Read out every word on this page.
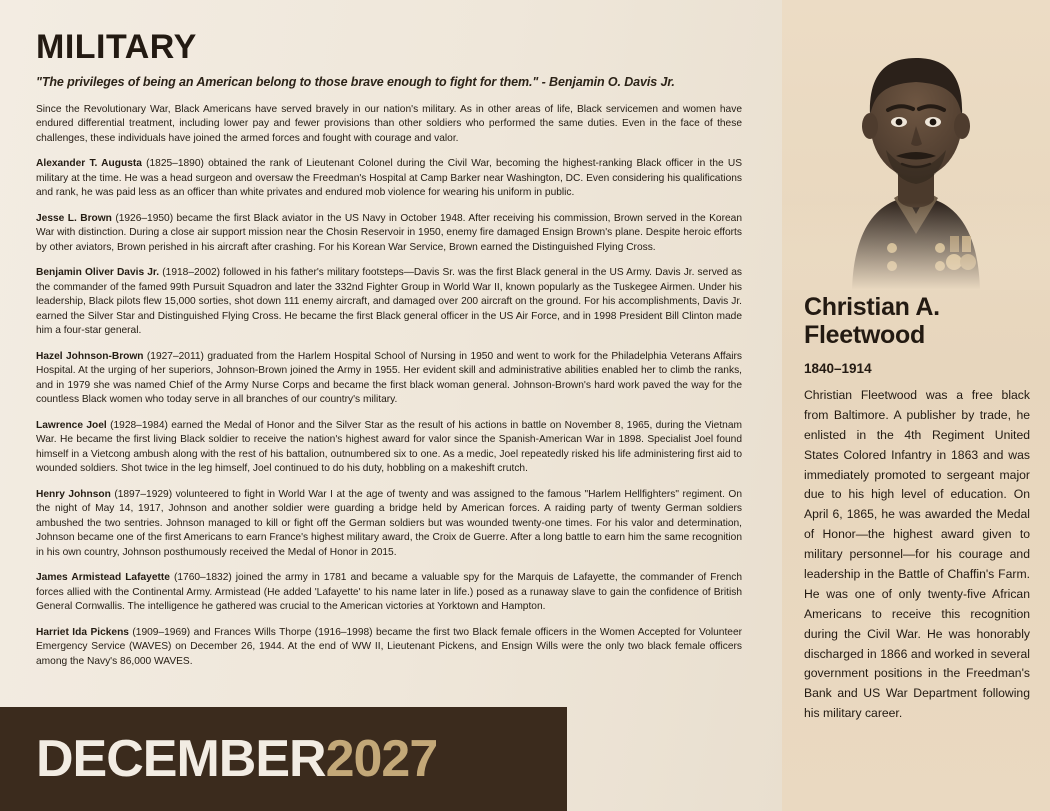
MILITARY
"The privileges of being an American belong to those brave enough to fight for them." - Benjamin O. Davis Jr.

Since the Revolutionary War, Black Americans have served bravely in our nation's military. As in other areas of life, Black servicemen and women have endured differential treatment, including lower pay and fewer provisions than other soldiers who performed the same duties. Even in the face of these challenges, these individuals have joined the armed forces and fought with courage and valor.

Alexander T. Augusta (1825–1890) obtained the rank of Lieutenant Colonel during the Civil War, becoming the highest-ranking Black officer in the US military at the time. He was a head surgeon and oversaw the Freedman's Hospital at Camp Barker near Washington, DC. Even considering his qualifications and rank, he was paid less as an officer than white privates and endured mob violence for wearing his uniform in public.

Jesse L. Brown (1926–1950) became the first Black aviator in the US Navy in October 1948. After receiving his commission, Brown served in the Korean War with distinction. During a close air support mission near the Chosin Reservoir in 1950, enemy fire damaged Ensign Brown's plane. Despite heroic efforts by other aviators, Brown perished in his aircraft after crashing. For his Korean War Service, Brown earned the Distinguished Flying Cross.

Benjamin Oliver Davis Jr. (1918–2002) followed in his father's military footsteps—Davis Sr. was the first Black general in the US Army. Davis Jr. served as the commander of the famed 99th Pursuit Squadron and later the 332nd Fighter Group in World War II, known popularly as the Tuskegee Airmen. Under his leadership, Black pilots flew 15,000 sorties, shot down 111 enemy aircraft, and damaged over 200 aircraft on the ground. For his accomplishments, Davis Jr. earned the Silver Star and Distinguished Flying Cross. He became the first Black general officer in the US Air Force, and in 1998 President Bill Clinton made him a four-star general.

Hazel Johnson-Brown (1927–2011) graduated from the Harlem Hospital School of Nursing in 1950 and went to work for the Philadelphia Veterans Affairs Hospital. At the urging of her superiors, Johnson-Brown joined the Army in 1955. Her evident skill and administrative abilities enabled her to climb the ranks, and in 1979 she was named Chief of the Army Nurse Corps and became the first black woman general. Johnson-Brown's hard work paved the way for the countless Black women who today serve in all branches of our country's military.

Lawrence Joel (1928–1984) earned the Medal of Honor and the Silver Star as the result of his actions in battle on November 8, 1965, during the Vietnam War. He became the first living Black soldier to receive the nation's highest award for valor since the Spanish-American War in 1898. Specialist Joel found himself in a Vietcong ambush along with the rest of his battalion, outnumbered six to one. As a medic, Joel repeatedly risked his life administering first aid to wounded soldiers. Shot twice in the leg himself, Joel continued to do his duty, hobbling on a makeshift crutch.

Henry Johnson (1897–1929) volunteered to fight in World War I at the age of twenty and was assigned to the famous "Harlem Hellfighters" regiment. On the night of May 14, 1917, Johnson and another soldier were guarding a bridge held by American forces. A raiding party of twenty German soldiers ambushed the two sentries. Johnson managed to kill or fight off the German soldiers but was wounded twenty-one times. For his valor and determination, Johnson became one of the first Americans to earn France's highest military award, the Croix de Guerre. After a long battle to earn him the same recognition in his own country, Johnson posthumously received the Medal of Honor in 2015.

James Armistead Lafayette (1760–1832) joined the army in 1781 and became a valuable spy for the Marquis de Lafayette, the commander of French forces allied with the Continental Army. Armistead (He added 'Lafayette' to his name later in life.) posed as a runaway slave to gain the confidence of British General Cornwallis. The intelligence he gathered was crucial to the American victories at Yorktown and Hampton.

Harriet Ida Pickens (1909–1969) and Frances Wills Thorpe (1916–1998) became the first two Black female officers in the Women Accepted for Volunteer Emergency Service (WAVES) on December 26, 1944. At the end of WW II, Lieutenant Pickens, and Ensign Wills were the only two black female officers among the Navy's 86,000 WAVES.

DECEMBER2027
Christian A. Fleetwood
1840–1914
Christian Fleetwood was a free black from Baltimore. A publisher by trade, he enlisted in the 4th Regiment United States Colored Infantry in 1863 and was immediately promoted to sergeant major due to his high level of education. On April 6, 1865, he was awarded the Medal of Honor—the highest award given to military personnel—for his courage and leadership in the Battle of Chaffin's Farm. He was one of only twenty-five African Americans to receive this recognition during the Civil War. He was honorably discharged in 1866 and worked in several government positions in the Freedman's Bank and US War Department following his military career.
